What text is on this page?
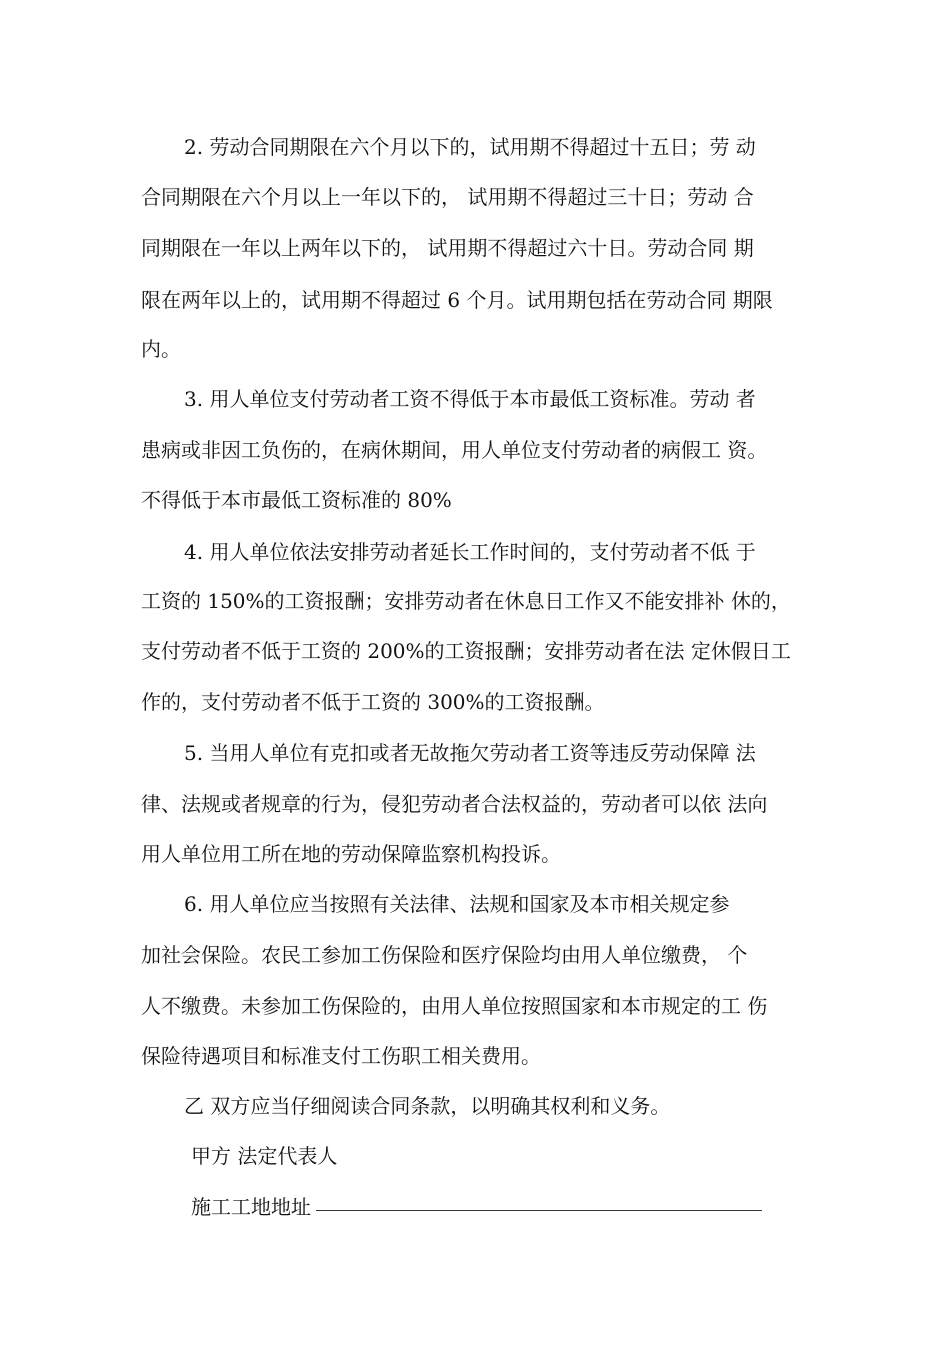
2. 劳动合同期限在六个月以下的，试用期不得超过十五日；劳 动
合同期限在六个月以上一年以下的， 试用期不得超过三十日；劳动 合
同期限在一年以上两年以下的， 试用期不得超过六十日。劳动合同 期
限在两年以上的，试用期不得超过 6 个月。试用期包括在劳动合同 期限
内。
3. 用人单位支付劳动者工资不得低于本市最低工资标准。劳动 者
患病或非因工负伤的，在病休期间，用人单位支付劳动者的病假工 资。
不得低于本市最低工资标准的 80%
4. 用人单位依法安排劳动者延长工作时间的，支付劳动者不低 于
工资的 150%的工资报酬；安排劳动者在休息日工作又不能安排补 休的，
支付劳动者不低于工资的 200%的工资报酬；安排劳动者在法 定休假日工
作的，支付劳动者不低于工资的 300%的工资报酬。
5. 当用人单位有克扣或者无故拖欠劳动者工资等违反劳动保障 法
律、法规或者规章的行为，侵犯劳动者合法权益的，劳动者可以依 法向
用人单位用工所在地的劳动保障监察机构投诉。
6. 用人单位应当按照有关法律、法规和国家及本市相关规定参
加社会保险。农民工参加工伤保险和医疗保险均由用人单位缴费， 个
人不缴费。未参加工伤保险的，由用人单位按照国家和本市规定的工 伤
保险待遇项目和标准支付工伤职工相关费用。
乙 双方应当仔细阅读合同条款，以明确其权利和义务。
甲方 法定代表人
施工工地地址
